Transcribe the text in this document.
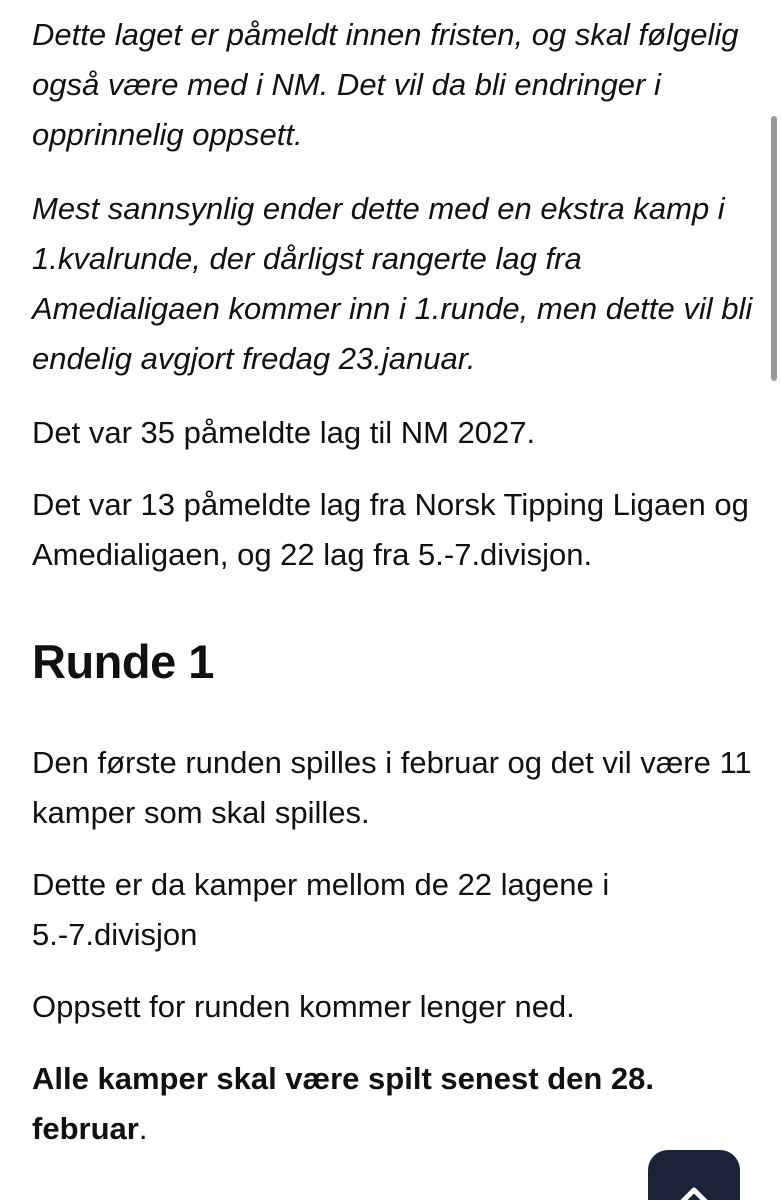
Dette laget er påmeldt innen fristen, og skal følgelig også være med i NM. Det vil da bli endringer i opprinnelig oppsett.

Mest sannsynlig ender dette med en ekstra kamp i 1.kvalrunde, der dårligst rangerte lag fra Amedialigaen kommer inn i 1.runde, men dette vil bli endelig avgjort fredag 23.januar.

Det var 35 påmeldte lag til NM 2027.

Det var 13 påmeldte lag fra Norsk Tipping Ligaen og Amedialigaen, og 22 lag fra 5.-7.divisjon.

Runde 1

Den første runden spilles i februar og det vil være 11 kamper som skal spilles.

Dette er da kamper mellom de 22 lagene i 5.-7.divisjon

Oppsett for runden kommer lenger ned.

Alle kamper skal være spilt senest den 28. februar.
